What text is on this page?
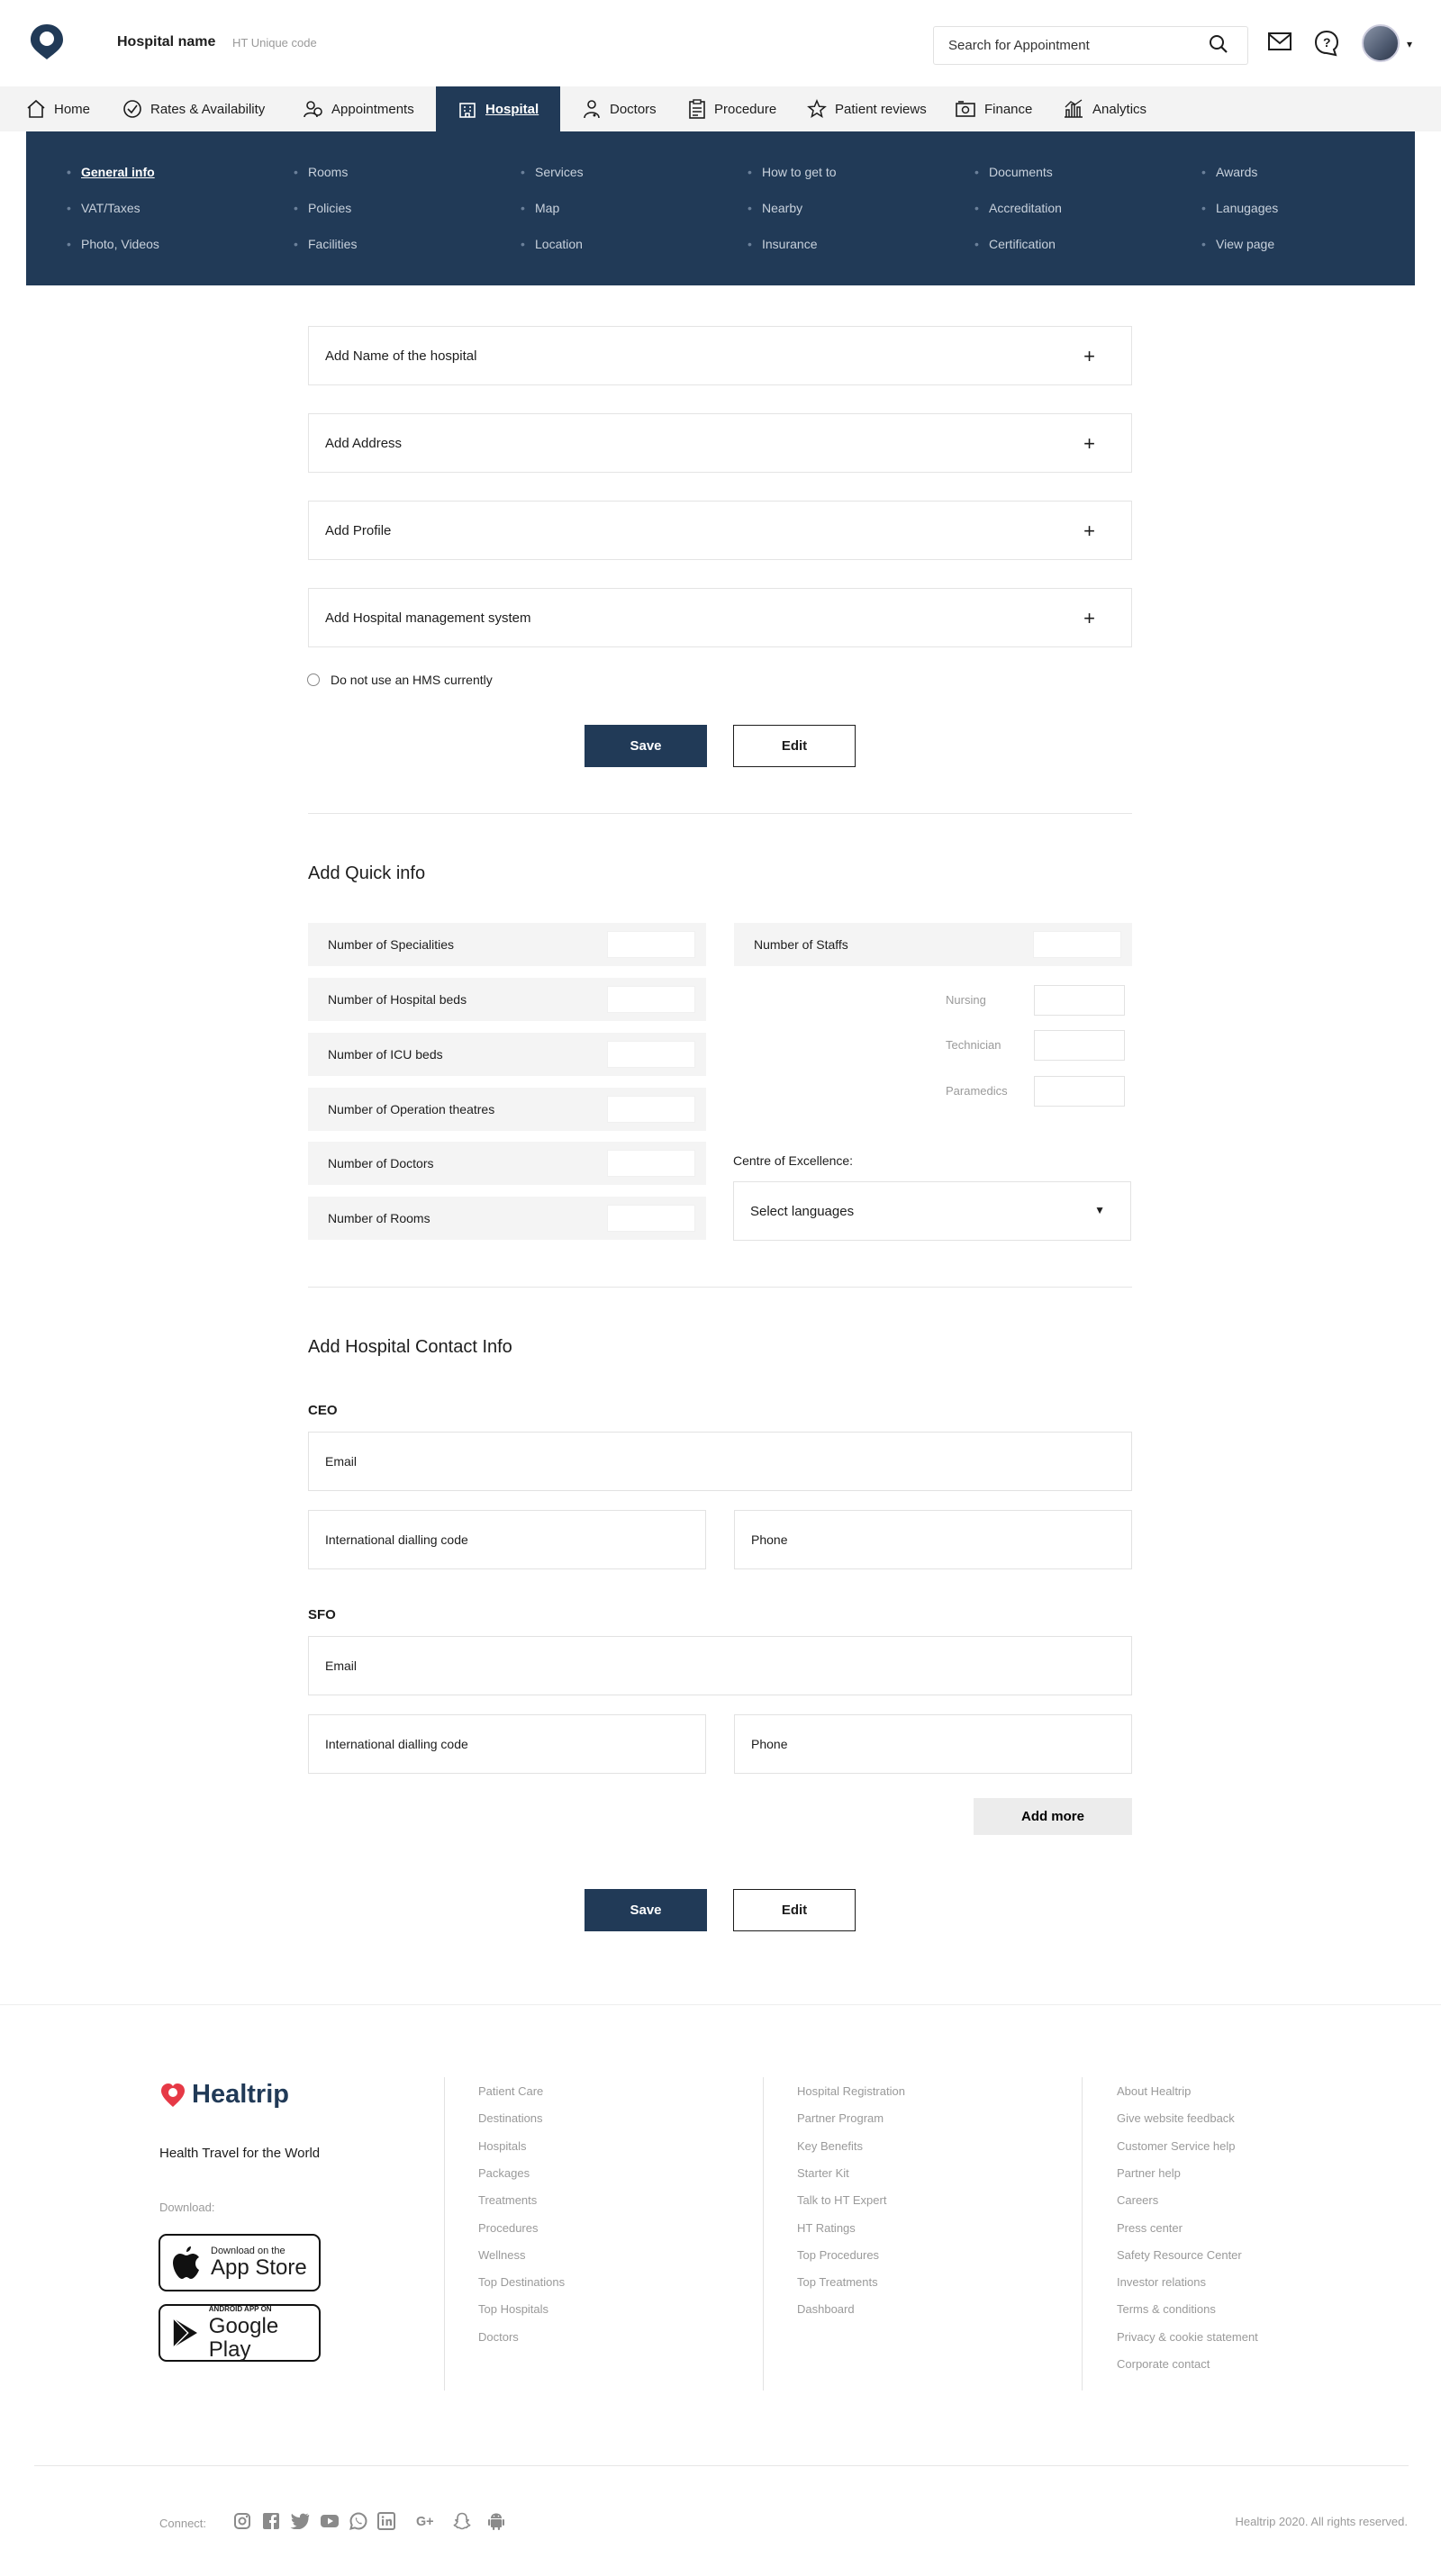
Hospital name HT Unique code
Search for Appointment	?	▾
Home	Rates & Availability	Appointments	Hospital	Doctors	Procedure	Patient reviews	Finance	Analytics
• General info
• VAT/Taxes
• Photo, Videos
• Rooms
• Policies
• Facilities
• Services
• Map
• Location
• How to get to
• Nearby
• Insurance
• Documents
• Accreditation
• Certification
• Awards
• Lanugages
• View page
Add Name of the hospital	+
Add Address	+
Add Profile	+
Add Hospital management system	+
Do not use an HMS currently
Save	Edit
Add Quick info
Number of Specialities
Number of Hospital beds
Number of ICU beds
Number of Operation theatres
Number of Doctors
Number of Rooms
Number of Staffs
Nursing
Technician
Paramedics
Centre of Excellence:
Select languages	▼
Add Hospital Contact Info
CEO
Email
International dialling code
Phone
SFO
Email
International dialling code
Phone
Add more
Save	Edit
Healtrip
Health Travel for the World
Download:
Download on the
App Store
ANDROID APP ON
Google Play
Patient Care
Destinations
Hospitals
Packages
Treatments
Procedures
Wellness
Top Destinations
Top Hospitals
Doctors
Hospital Registration
Partner Program
Key Benefits
Starter Kit
Talk to HT Expert
HT Ratings
Top Procedures
Top Treatments
Dashboard
About Healtrip
Give website feedback
Customer Service help
Partner help
Careers
Press center
Safety Resource Center
Investor relations
Terms & conditions
Privacy & cookie statement
Corporate contact
Connect:	G+	Healtrip 2020. All rights reserved.
